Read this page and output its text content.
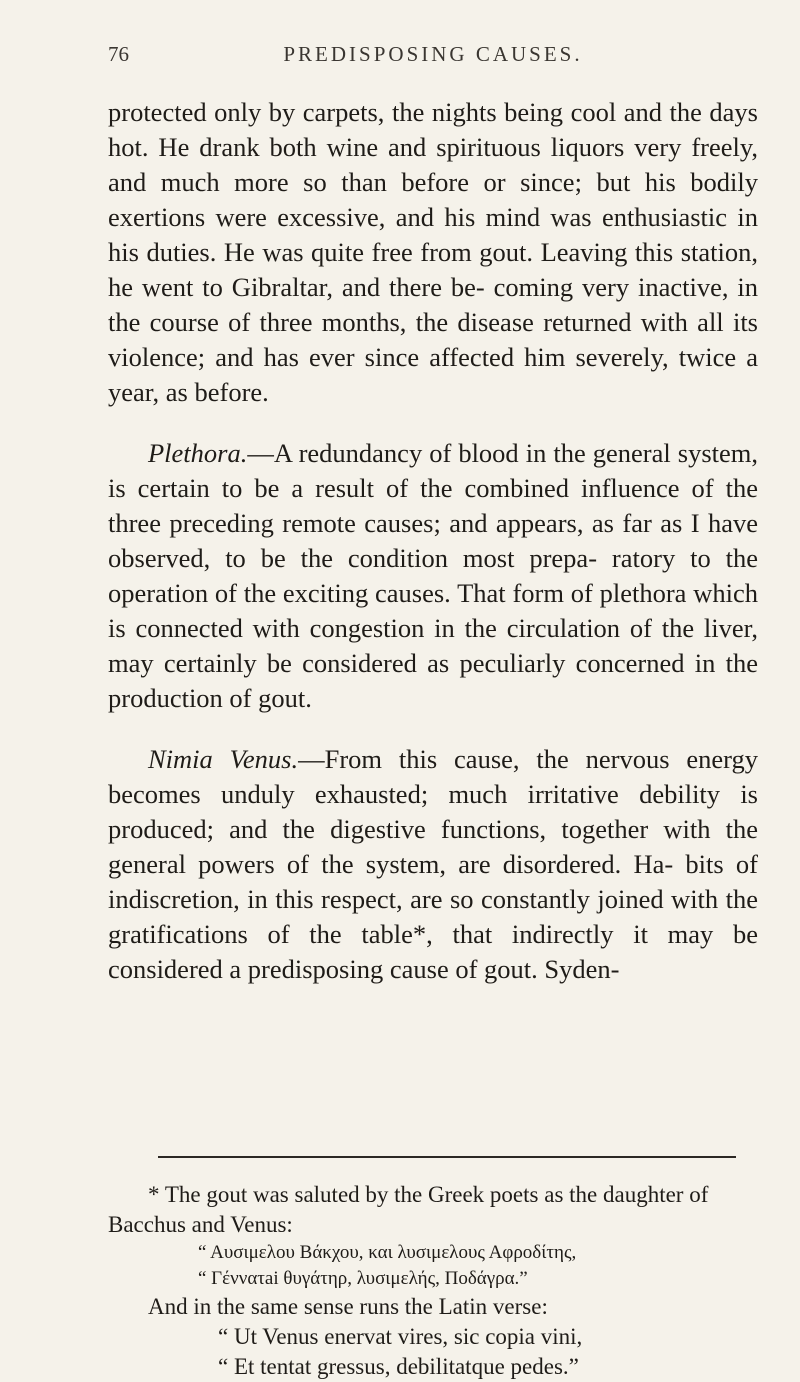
76	PREDISPOSING CAUSES.

protected only by carpets, the nights being cool and the days hot. He drank both wine and spirituous liquors very freely, and much more so than before or since; but his bodily exertions were excessive, and his mind was enthusiastic in his duties. He was quite free from gout. Leaving this station, he went to Gibraltar, and there be- coming very inactive, in the course of three months, the disease returned with all its violence; and has ever since affected him severely, twice a year, as before.

Plethora.—A redundancy of blood in the general system, is certain to be a result of the combined influence of the three preceding remote causes; and appears, as far as I have observed, to be the condition most prepa- ratory to the operation of the exciting causes. That form of plethora which is connected with congestion in the circulation of the liver, may certainly be considered as peculiarly concerned in the production of gout.

Nimia Venus.—From this cause, the nervous energy becomes unduly exhausted; much irritative debility is produced; and the digestive functions, together with the general powers of the system, are disordered. Ha- bits of indiscretion, in this respect, are so constantly joined with the gratifications of the table*, that indirectly it may be considered a predisposing cause of gout. Syden-

* The gout was saluted by the Greek poets as the daughter of Bacchus and Venus:

“ Αυσιμελου Βάκχου, και λυσιμελους Αφροδίτης,

“ Γέννατai θυγάτηρ, λυσιμελής, Ποδάγρα.”

And in the same sense runs the Latin verse:

“ Ut Venus enervat vires, sic copia vini,

“ Et tentat gressus, debilitatque pedes.”
